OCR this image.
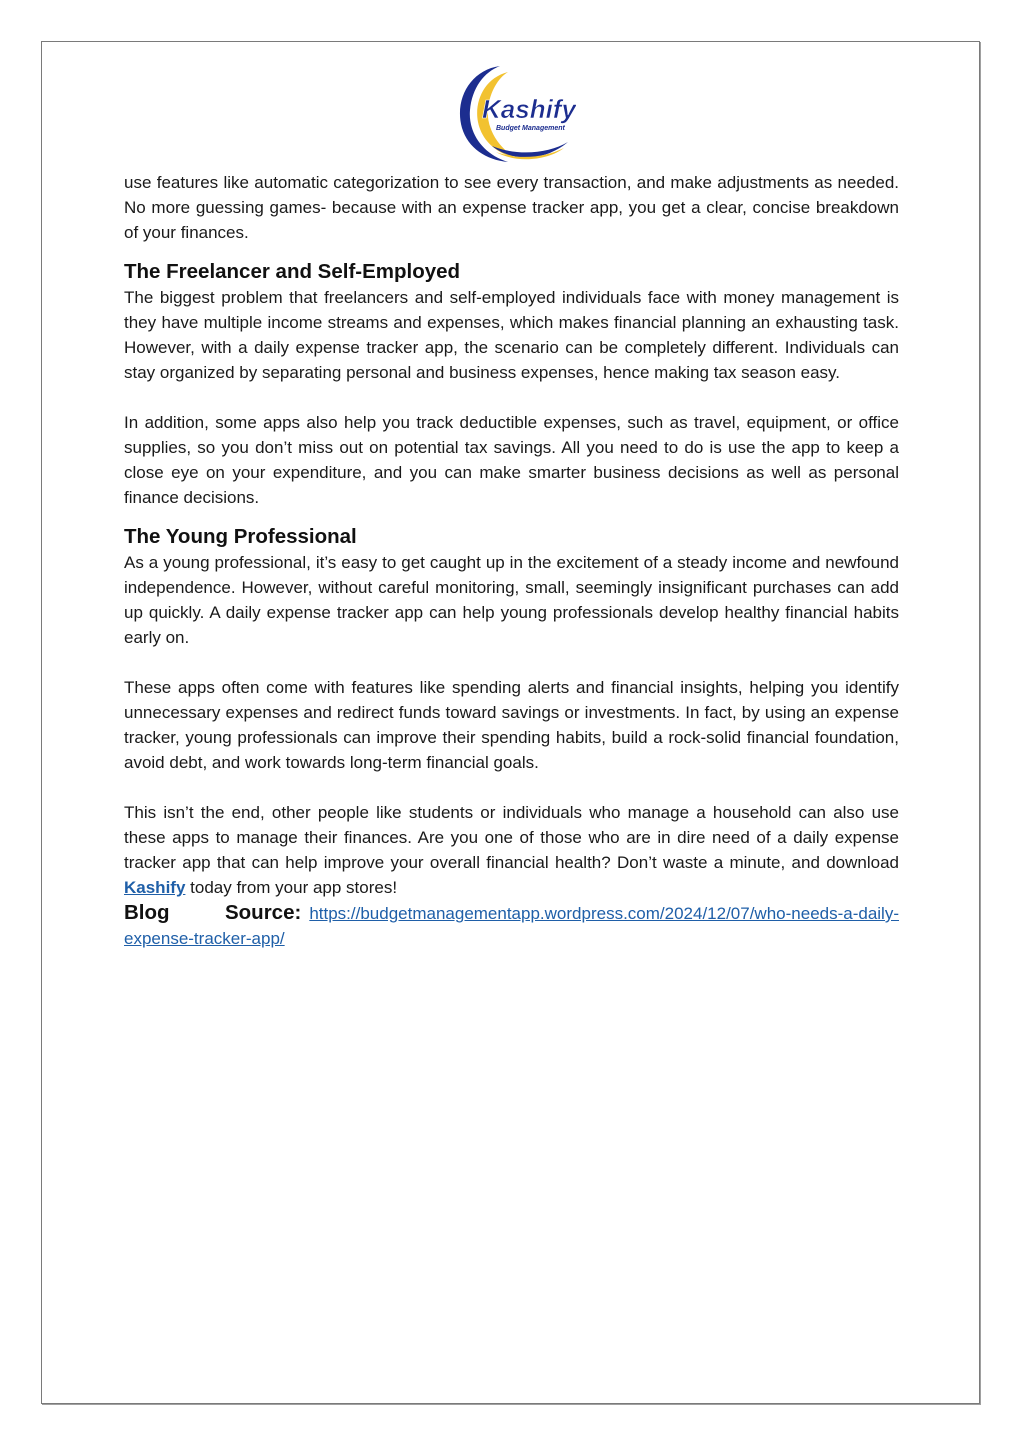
Kashify
Budget Management

use features like automatic categorization to see every transaction, and make adjustments as needed. No more guessing games- because with an expense tracker app, you get a clear, concise breakdown of your finances.

The Freelancer and Self-Employed

The biggest problem that freelancers and self-employed individuals face with money management is they have multiple income streams and expenses, which makes financial planning an exhausting task. However, with a daily expense tracker app, the scenario can be completely different. Individuals can stay organized by separating personal and business expenses, hence making tax season easy.

In addition, some apps also help you track deductible expenses, such as travel, equipment, or office supplies, so you don’t miss out on potential tax savings. All you need to do is use the app to keep a close eye on your expenditure, and you can make smarter business decisions as well as personal finance decisions.

The Young Professional

As a young professional, it’s easy to get caught up in the excitement of a steady income and newfound independence. However, without careful monitoring, small, seemingly insignificant purchases can add up quickly. A daily expense tracker app can help young professionals develop healthy financial habits early on.

These apps often come with features like spending alerts and financial insights, helping you identify unnecessary expenses and redirect funds toward savings or investments. In fact, by using an expense tracker, young professionals can improve their spending habits, build a rock-solid financial foundation, avoid debt, and work towards long-term financial goals.

This isn’t the end, other people like students or individuals who manage a household can also use these apps to manage their finances. Are you one of those who are in dire need of a daily expense tracker app that can help improve your overall financial health? Don’t waste a minute, and download Kashify today from your app stores!

Blog Source: https://budgetmanagementapp.wordpress.com/2024/12/07/who-needs-a-daily-expense-tracker-app/
